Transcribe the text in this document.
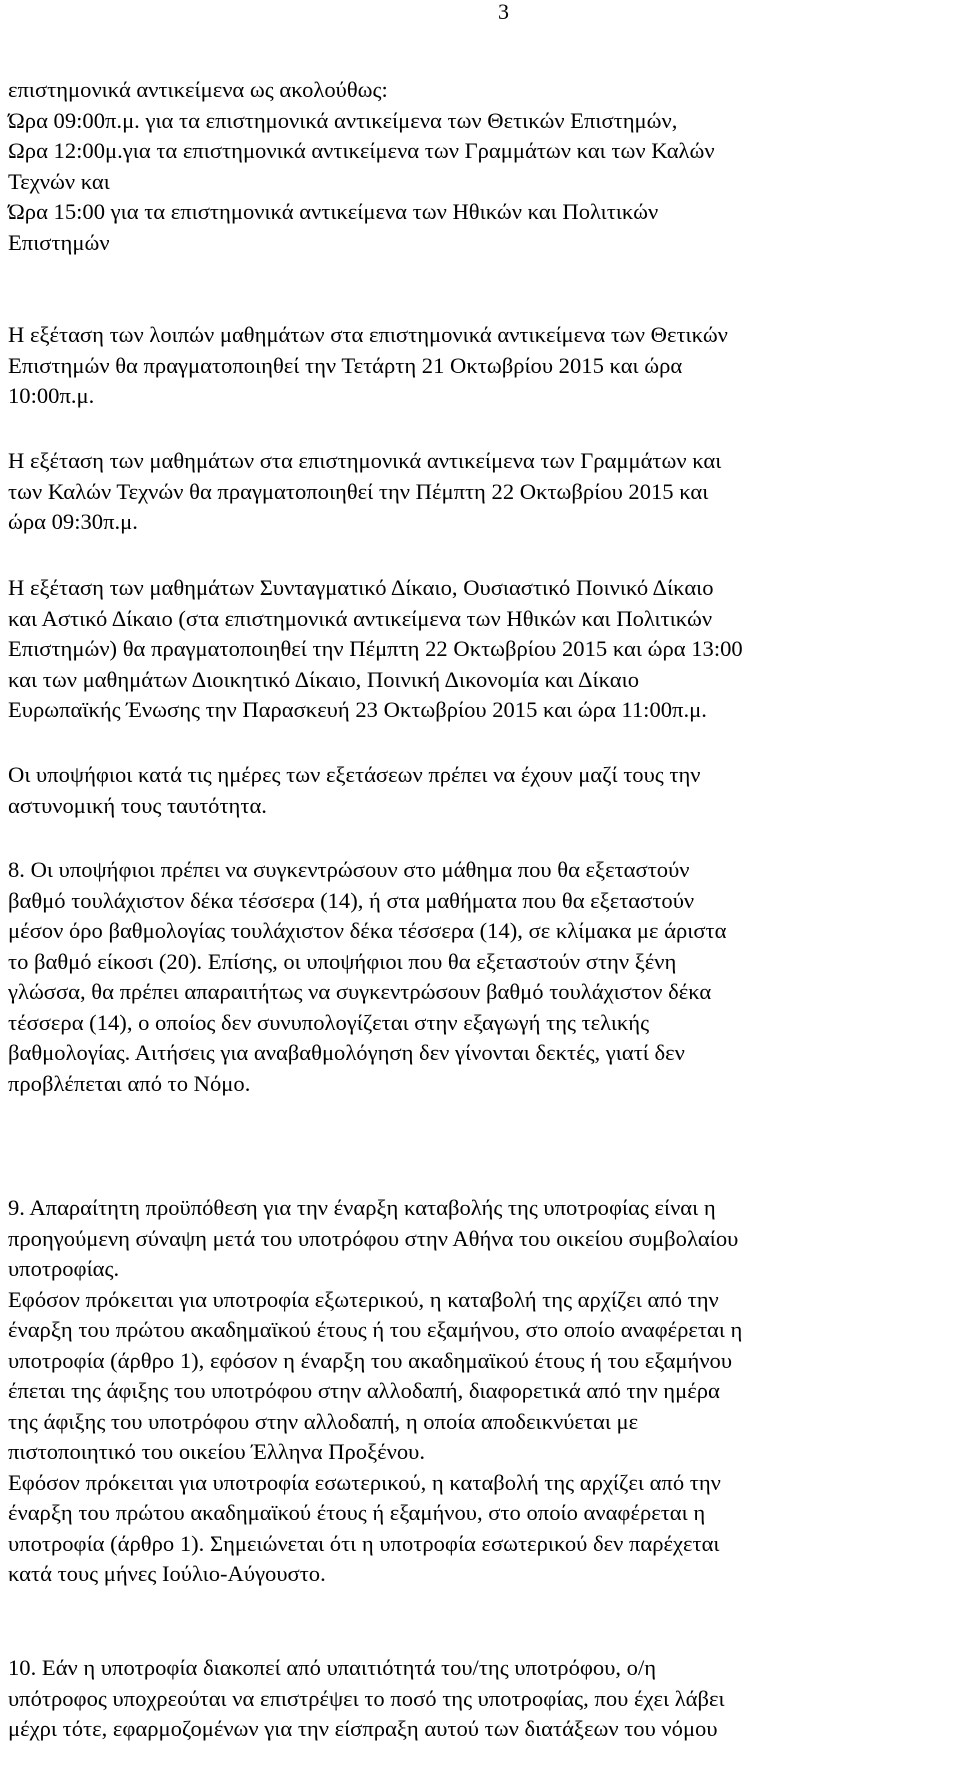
3
επιστημονικά αντικείμενα ως ακολούθως:
Ώρα 09:00π.μ. για τα επιστημονικά αντικείμενα των Θετικών Επιστημών,
Ωρα 12:00μ.για τα επιστημονικά αντικείμενα των Γραμμάτων και των Καλών
Τεχνών και
Ώρα 15:00 για τα επιστημονικά αντικείμενα των Ηθικών και Πολιτικών
Επιστημών
Η εξέταση των λοιπών μαθημάτων στα επιστημονικά αντικείμενα των Θετικών
Επιστημών θα πραγματοποιηθεί την Τετάρτη 21 Οκτωβρίου 2015 και ώρα
10:00π.μ.
Η εξέταση των μαθημάτων στα επιστημονικά αντικείμενα των Γραμμάτων και
των Καλών Τεχνών θα πραγματοποιηθεί την Πέμπτη 22 Οκτωβρίου 2015 και
ώρα 09:30π.μ.
Η εξέταση των μαθημάτων Συνταγματικό Δίκαιο, Ουσιαστικό Ποινικό Δίκαιο
και Αστικό Δίκαιο (στα επιστημονικά αντικείμενα των Ηθικών και Πολιτικών
Επιστημών) θα πραγματοποιηθεί την Πέμπτη 22 Οκτωβρίου 2015 και ώρα 13:00
και των μαθημάτων Διοικητικό Δίκαιο, Ποινική Δικονομία και Δίκαιο
Ευρωπαϊκής Ένωσης την Παρασκευή 23 Οκτωβρίου 2015 και ώρα 11:00π.μ.
Οι υποψήφιοι κατά τις ημέρες των εξετάσεων πρέπει να έχουν μαζί τους την
αστυνομική τους ταυτότητα.
8. Οι υποψήφιοι πρέπει να συγκεντρώσουν στο μάθημα που θα εξεταστούν
βαθμό τουλάχιστον δέκα τέσσερα (14), ή στα μαθήματα που θα εξεταστούν
μέσον όρο βαθμολογίας τουλάχιστον δέκα τέσσερα (14), σε κλίμακα με άριστα
το βαθμό είκοσι (20). Επίσης, οι υποψήφιοι που θα εξεταστούν στην ξένη
γλώσσα, θα πρέπει απαραιτήτως να συγκεντρώσουν βαθμό τουλάχιστον δέκα
τέσσερα (14), ο οποίος δεν συνυπολογίζεται στην εξαγωγή της τελικής
βαθμολογίας. Αιτήσεις για αναβαθμολόγηση δεν γίνονται δεκτές, γιατί δεν
προβλέπεται από το Νόμο.
9. Απαραίτητη προϋπόθεση για την έναρξη καταβολής της υποτροφίας είναι η
προηγούμενη σύναψη μετά του υποτρόφου στην Αθήνα του οικείου συμβολαίου
υποτροφίας.
Εφόσον πρόκειται για υποτροφία εξωτερικού, η καταβολή της αρχίζει από την
έναρξη του πρώτου ακαδημαϊκού έτους ή του εξαμήνου, στο οποίο αναφέρεται η
υποτροφία (άρθρο 1), εφόσον η έναρξη του ακαδημαϊκού έτους ή του εξαμήνου
έπεται της άφιξης του υποτρόφου στην αλλοδαπή, διαφορετικά από την ημέρα
της άφιξης του υποτρόφου στην αλλοδαπή, η οποία αποδεικνύεται με
πιστοποιητικό του οικείου Έλληνα Προξένου.
Εφόσον πρόκειται για υποτροφία εσωτερικού, η καταβολή της αρχίζει από την
έναρξη του πρώτου ακαδημαϊκού έτους ή εξαμήνου, στο οποίο αναφέρεται η
υποτροφία (άρθρο 1). Σημειώνεται ότι η υποτροφία εσωτερικού δεν παρέχεται
κατά τους μήνες Ιούλιο-Αύγουστο.
10. Εάν η υποτροφία διακοπεί από υπαιτιότητά του/της υποτρόφου, ο/η
υπότροφος υποχρεούται να επιστρέψει το ποσό της υποτροφίας, που έχει λάβει
μέχρι τότε, εφαρμοζομένων για την είσπραξη αυτού των διατάξεων του νόμου
